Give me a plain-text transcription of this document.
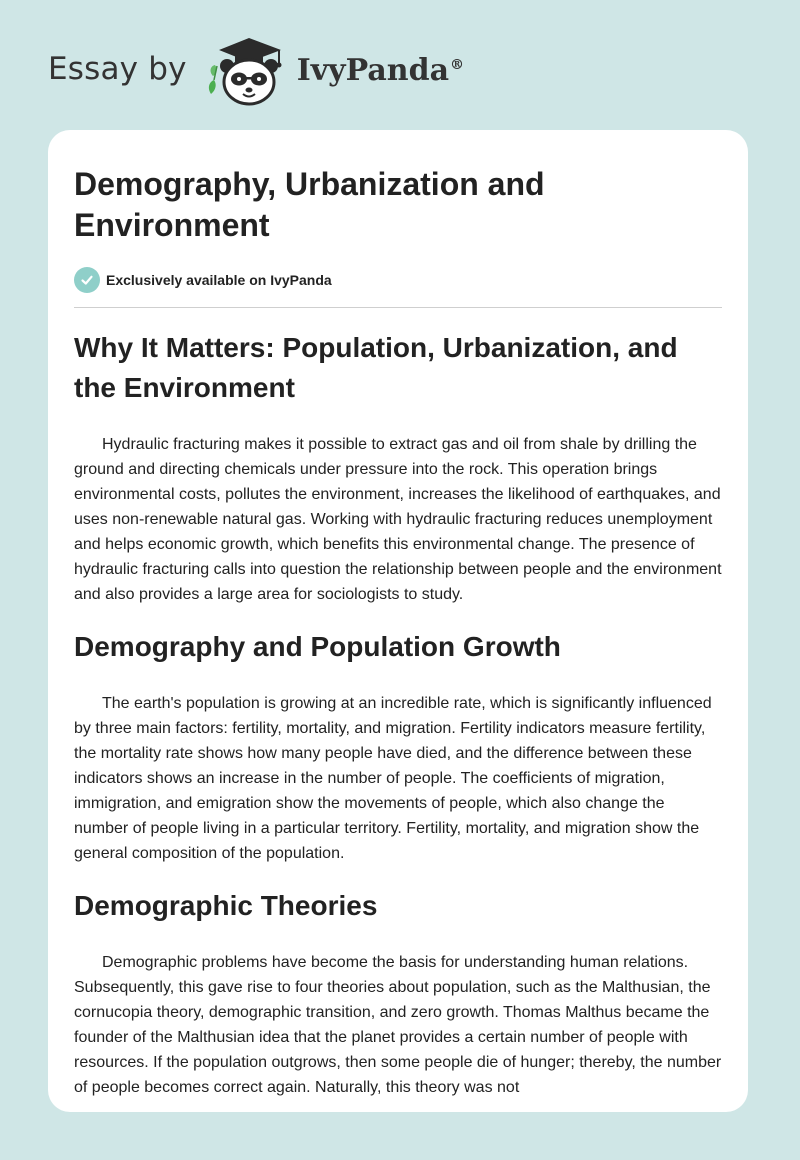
Essay by	IvyPanda®
Demography, Urbanization and Environment
Exclusively available on IvyPanda
Why It Matters: Population, Urbanization, and the Environment

Hydraulic fracturing makes it possible to extract gas and oil from shale by drilling the ground and directing chemicals under pressure into the rock. This operation brings environmental costs, pollutes the environment, increases the likelihood of earthquakes, and uses non-renewable natural gas. Working with hydraulic fracturing reduces unemployment and helps economic growth, which benefits this environmental change. The presence of hydraulic fracturing calls into question the relationship between people and the environment and also provides a large area for sociologists to study.

Demography and Population Growth

The earth's population is growing at an incredible rate, which is significantly influenced by three main factors: fertility, mortality, and migration. Fertility indicators measure fertility, the mortality rate shows how many people have died, and the difference between these indicators shows an increase in the number of people. The coefficients of migration, immigration, and emigration show the movements of people, which also change the number of people living in a particular territory. Fertility, mortality, and migration show the general composition of the population.

Demographic Theories

Demographic problems have become the basis for understanding human relations. Subsequently, this gave rise to four theories about population, such as the Malthusian, the cornucopia theory, demographic transition, and zero growth. Thomas Malthus became the founder of the Malthusian idea that the planet provides a certain number of people with resources. If the population outgrows, then some people die of hunger; thereby, the number of people becomes correct again. Naturally, this theory was not
